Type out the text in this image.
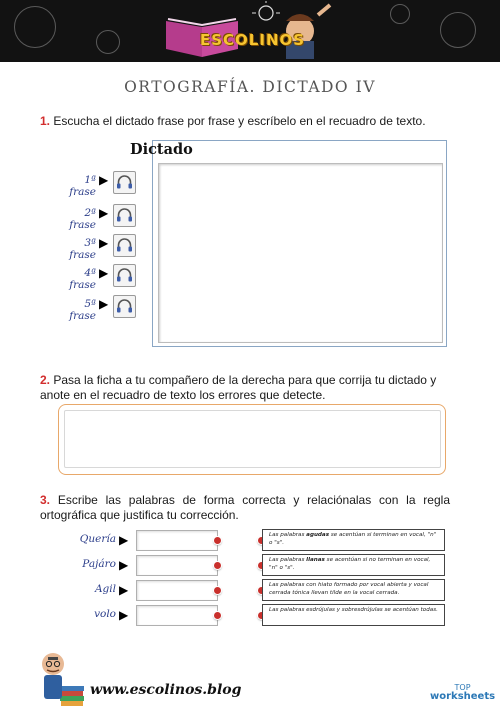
ESCOLINOS
ORTOGRAFÍA. DICTADO IV
1. Escucha el dictado frase por frase y escríbelo en el recuadro de texto.
Dictado
1ª frase
▶
2ª frase
▶
3ª frase
▶
4ª frase
▶
5ª frase
▶
2. Pasa la ficha a tu compañero de la derecha para que corrija tu dictado y anote en el recuadro de texto los errores que detecte.
3. Escribe las palabras de forma correcta y relaciónalas con la regla ortográfica que justifica tu corrección.
Quería ▶
Pajáro ▶
Agil ▶
volo ▶
Las palabras agudas se acentúan si terminan en vocal, "n" o "s".
Las palabras llanas se acentúan si no terminan en vocal, "n" o "s".
Las palabras con hiato formado por vocal abierta y vocal cerrada tónica llevan tilde en la vocal cerrada.
Las palabras esdrújulas y sobresdrújulas se acentúan todas.
www.escolinos.blog	TOP
worksheets
